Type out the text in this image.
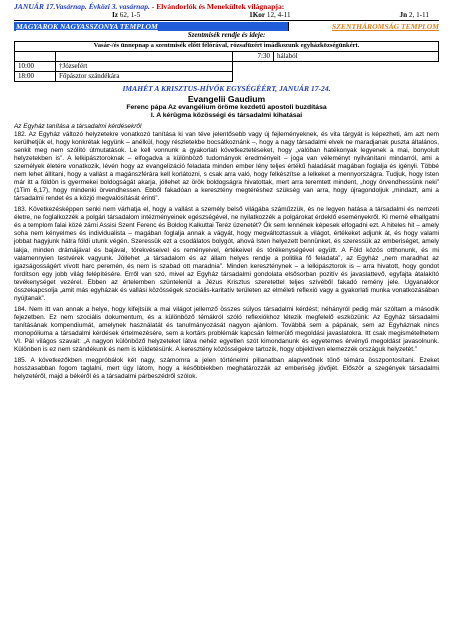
JANUÁR 17.Vasárnap. Évközi 3. vasárnap. - Elvándorlók és Menekültek világnapja:
Iz 62, 1-5	1Kor 12, 4-11	Jn 2, 1-11
MAGYAROK NAGYASSZONYA TEMPLOM	SZENTHÁROMSÁG TEMPLOM
Szentmisék rendje és ideje:
Vasár-/és ünnepnap a szentmisék előtt félórával, rózsafüzért imádkozunk egyházközségünkért.			
		7:30	hálaból
10:00	†Józsefért		
18:00	Főpásztor szándékára		
IMAHÉT A KRISZTUS-HÍVŐK EGYSÉGÉÉRT, JANUÁR 17-24.
Evangelii Gaudium
Ferenc pápa Az evangélium öröme kezdetű apostoli buzdítása
I. A kérügma közösségi és társadalmi kihatásai
Az Egyház tanítása a társadalmi kérdésekről

182. Az Egyház változó helyzetekre vonatkozó tanítása ki van téve jelentősebb vagy új fejleményeknek, és vita tárgyát is képezheti, ám azt nem kerülhetjük el, hogy konkrétak legyünk – anélkül, hogy részletekbe bocsátkoznánk –, hogy a nagy társadalmi elvek ne maradjanak puszta általános, senkit meg nem szólító útmutatások. Le kell vonnunk a gyakorlati következtetéseket, hogy „valóban hatékonyak legyenek a mai, bonyolult helyzetekben is”. A lelkipásztoroknak – elfogadva a különböző tudományok eredményeit – joga van véleményt nyilvánítani mindarról, ami a személyek életére vonatkozik, lévén hogy az evangelizáció feladata minden ember lény teljes értékű haladását magában foglalja és igényli. Többé nem lehet állítani, hogy a vallást a magánszférára kell korlátozni, s csak arra való, hogy felkészítse a lelkeket a mennyországra. Tudjuk, hogy Isten már itt a földön is gyermekei boldogságát akarja, jóllehet az örök boldogságra hivatottak, mert arra teremtett mindent, „hogy örvendhessünk neki” (1Tim 6,17), hogy mindenki örvendhessen. Ebből fakadóan a keresztény megtéréshez szükség van arra, hogy újragondoljuk „mindazt, ami a társadalmi rendet és a közjó megvalósítását érinti”.

183. Következésképpen senki nem várhatja el, hogy a vallást a személy belső világába száműzzük, és ne legyen hatása a társadalmi és nemzeti életre, ne foglalkozzék a polgári társadalom intézményeinek egészségével, ne nyilatkozzék a polgárokat érdeklő eseményekről. Ki merné elhallgatni és a templom falai közé zárni Assisi Szent Ferenc és Boldog Kalkuttai Teréz üzenetét? Ők sem lennének képesek elfogadni ezt. A hiteles hit – amely soha nem kényelmes és individualista – magában foglalja annak a vágyát, hogy megváltoztassuk a világot, értékeket adjunk át, és hogy valami jobbat hagyjunk hátra földi utunk végén. Szeressük ezt a csodálatos bolygót, ahová Isten helyezett bennünket, és szeressük az emberiséget, amely lakja, minden drámájával és bajával, törekvéseivel és reményeivel, értékeivel és törékenységével együtt. A Föld közös otthonunk, és mi valamennyien testvérek vagyunk. Jóllehet „a társadalom és az állam helyes rendje a politika fő feladata”, az Egyház „nem maradhat az igazságosságért vívott harc peremén, és nem is szabad ott maradnia”. Minden kereszténynek – a lelkipásztorok is – arra hivatott, hogy gondot fordítson egy jobb világ felépítésére. Erről van szó, mivel az Egyház társadalmi gondolata elsősorban pozitív és javaslattevő, egyfajta átalakító tevékenységet vezérel. Ebben az értelemben szüntelenül a Jézus Krisztus szeretettel teljes szívéből fakadó remény jele. Ugyanakkor összekapcsolja „amit más egyházak és vallási közösségek szociális-karitatív területen az elméleti reflexió vagy a gyakorlati munka vonatkozásában nyújtanak”.

184. Nem itt van annak a helye, hogy kifejtsük a mai világot jellemző összes súlyos társadalmi kérdést; néhányról pedig már szóltam a második fejezetben. Ez nem szociális dokumentum, és a különböző témákról szóló reflexiókhoz létezik megfelelő eszközünk: Az Egyház társadalmi tanításának kompendiumát, amelynek használatát és tanulmányozását nagyon ajánlom. Továbbá sem a pápának, sem az Egyháznak nincs monopóliuma a társadalmi kérdések értelmezésére, sem a kortárs problémák kapcsán felmerülő megoldási javaslatokra. Itt csak megismételhetem VI. Pál világos szavait: „A nagyon különböző helyzeteket látva nehéz egyetlen szót kimondanunk és egyetemes érvényű megoldást javasolnunk. Különben is ez nem szándékunk és nem is küldetésünk. A keresztény közösségekre tartozik, hogy objektíven elemezzék országuk helyzetét.”

185. A következőkben megpróbálok két nagy, számomra a jelen történelmi pillanatban alapvetőnek tűnő témára összpontosítani. Ezeket hosszasabban fogom taglalni, mert úgy látom, hogy a későbbiekben meghatározzák az emberiség jövőjét. Először a szegények társadalmi helyzetéről, majd a békéről és a társadalmi párbeszédről szólok.
